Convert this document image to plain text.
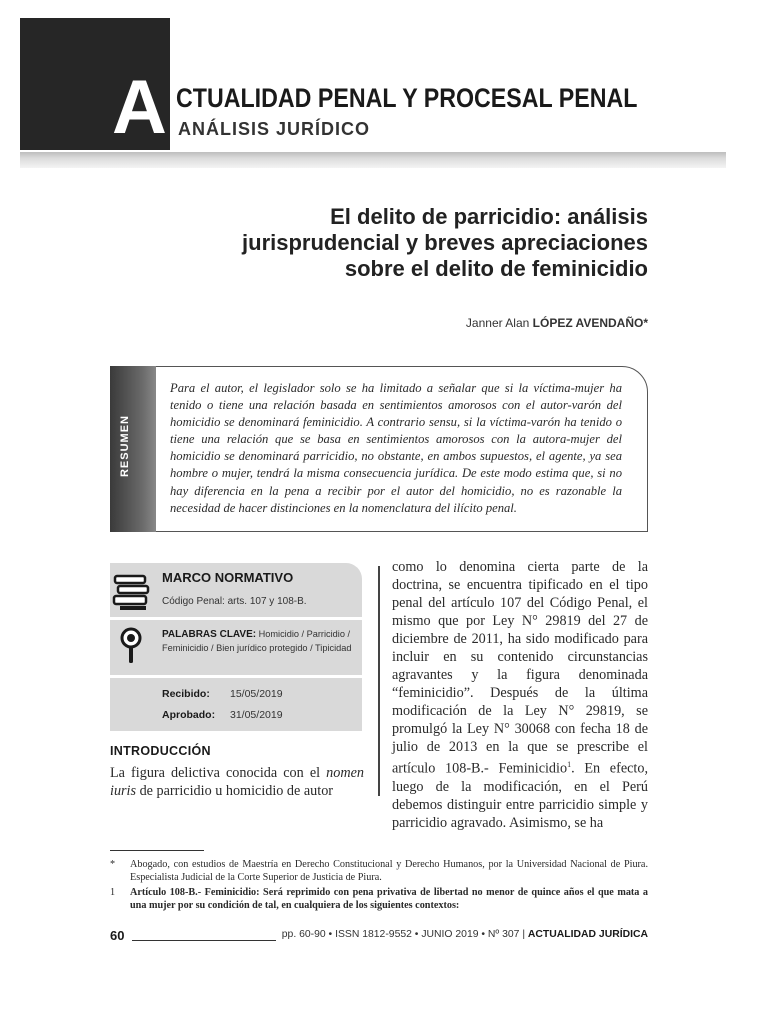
A CTUALIDAD PENAL Y PROCESAL PENAL
ANÁLISIS JURÍDICO
El delito de parricidio: análisis
jurisprudencial y breves apreciaciones
sobre el delito de feminicidio
Janner Alan LÓPEZ AVENDAÑO*
RESUMEN
Para el autor, el legislador solo se ha limitado a señalar que si la víctima-mujer ha tenido o tiene una relación basada en sentimientos amorosos con el autor-varón del homicidio se denominará feminicidio. A contrario sensu, si la víctima-varón ha tenido o tiene una relación que se basa en sentimientos amorosos con la autora-mujer del homicidio se denominará parricidio, no obstante, en ambos supuestos, el agente, ya sea hombre o mujer, tendrá la misma consecuencia jurídica. De este modo estima que, si no hay diferencia en la pena a recibir por el autor del homicidio, no es razonable la necesidad de hacer distinciones en la nomenclatura del ilícito penal.
MARCO NORMATIVO
Código Penal: arts. 107 y 108-B.
PALABRAS CLAVE: Homicidio / Parricidio / Feminicidio / Bien jurídico protegido / Tipicidad
Recibido: 15/05/2019
Aprobado: 31/05/2019
INTRODUCCIÓN
La figura delictiva conocida con el nomen iuris de parricidio u homicidio de autor
como lo denomina cierta parte de la doctrina, se encuentra tipificado en el tipo penal del artículo 107 del Código Penal, el mismo que por Ley N° 29819 del 27 de diciembre de 2011, ha sido modificado para incluir en su contenido circunstancias agravantes y la figura denominada “feminicidio”. Después de la última modificación de la Ley N° 29819, se promulgó la Ley N° 30068 con fecha 18 de julio de 2013 en la que se prescribe el artículo 108-B.- Feminicidio$^1$. En efecto, luego de la modificación, en el Perú debemos distinguir entre parricidio simple y parricidio agravado. Asimismo, se ha
*	Abogado, con estudios de Maestría en Derecho Constitucional y Derecho Humanos, por la Universidad Nacional de Piura. Especialista Judicial de la Corte Superior de Justicia de Piura.
1	Artículo 108-B.- Feminicidio: Será reprimido con pena privativa de libertad no menor de quince años el que mata a una mujer por su condición de tal, en cualquiera de los siguientes contextos:
60	pp. 60-90 • ISSN 1812-9552 • JUNIO 2019 • Nº 307 | ACTUALIDAD JURÍDICA
